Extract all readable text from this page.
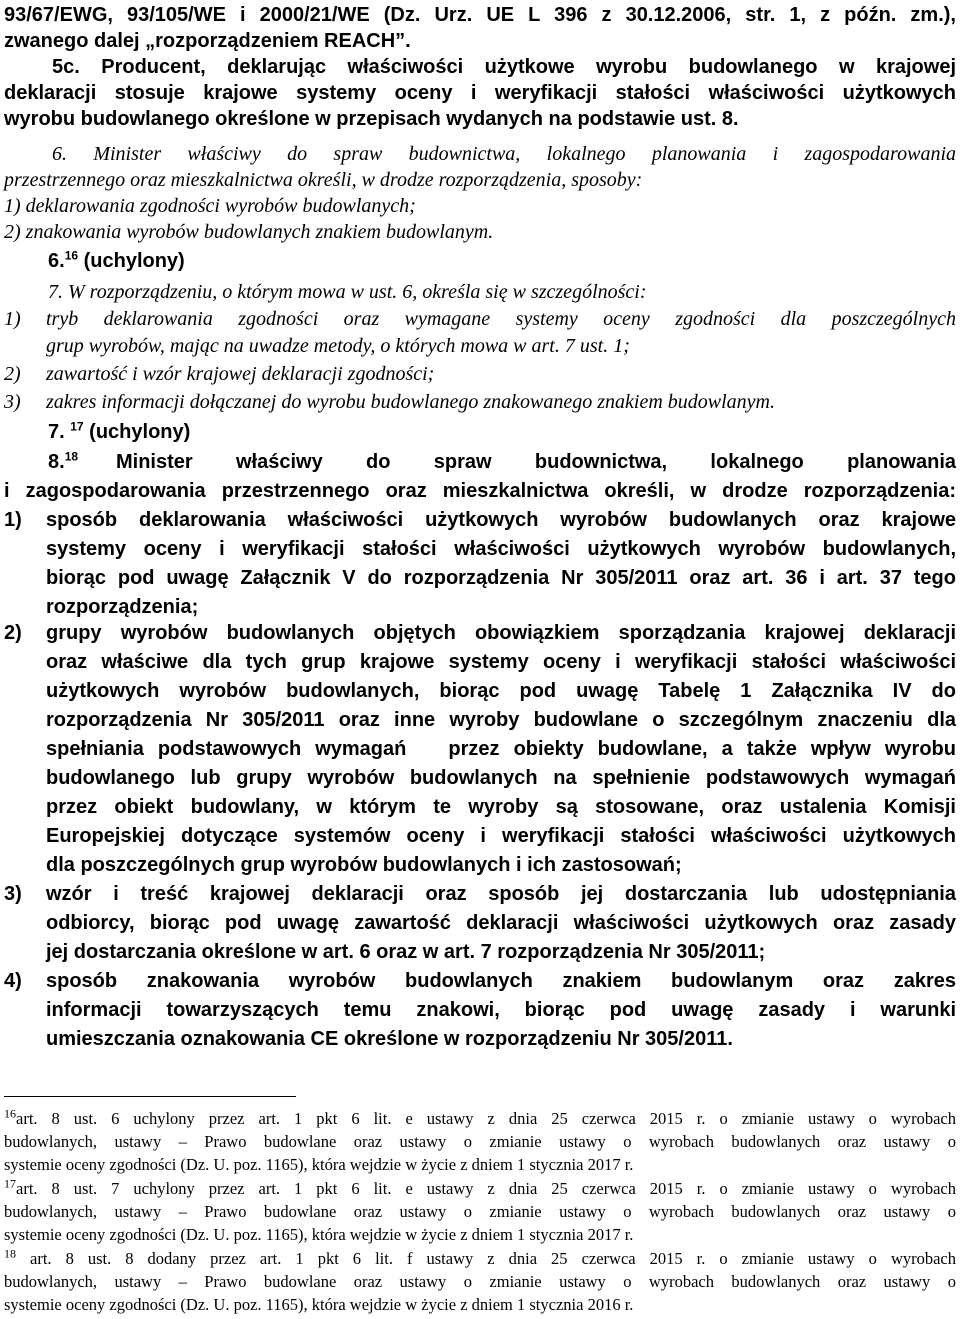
93/67/EWG, 93/105/WE i 2000/21/WE (Dz. Urz. UE L 396 z 30.12.2006, str. 1, z późn. zm.),
zwanego dalej „rozporządzeniem REACH”.
5c. Producent, deklarując właściwości użytkowe wyrobu budowlanego w krajowej
deklaracji stosuje krajowe systemy oceny i weryfikacji stałości właściwości użytkowych
wyrobu budowlanego określone w przepisach wydanych na podstawie ust. 8.
6. Minister właściwy do spraw budownictwa, lokalnego planowania i zagospodarowania
przestrzennego oraz mieszkalnictwa określi, w drodze rozporządzenia, sposoby:
1) deklarowania zgodności wyrobów budowlanych;
2) znakowania wyrobów budowlanych znakiem budowlanym.
6.16 (uchylony)
7. W rozporządzeniu, o którym mowa w ust. 6, określa się w szczególności:
1)	tryb deklarowania zgodności oraz wymagane systemy oceny zgodności dla poszczególnych
grup wyrobów, mając na uwadze metody, o których mowa w art. 7 ust. 1;
2)	zawartość i wzór krajowej deklaracji zgodności;
3)	zakres informacji dołączanej do wyrobu budowlanego znakowanego znakiem budowlanym.
7. $^{17}$ (uchylony)
8.18	Minister właściwy do spraw budownictwa, lokalnego planowania
i zagospodarowania przestrzennego oraz mieszkalnictwa określi, w drodze rozporządzenia:
1)	sposób deklarowania właściwości użytkowych wyrobów budowlanych oraz krajowe
systemy oceny i weryfikacji stałości właściwości użytkowych wyrobów budowlanych,
biorąc pod uwagę Załącznik V do rozporządzenia Nr 305/2011 oraz art. 36 i art. 37 tego
rozporządzenia;
2)	grupy wyrobów budowlanych objętych obowiązkiem sporządzania krajowej deklaracji
oraz właściwe dla tych grup krajowe systemy oceny i weryfikacji stałości właściwości
użytkowych wyrobów budowlanych, biorąc pod uwagę Tabelę 1 Załącznika IV do
rozporządzenia Nr 305/2011 oraz inne wyroby budowlane o szczególnym znaczeniu dla
spełniania podstawowych wymagań   przez obiekty budowlane, a także wpływ wyrobu
budowlanego lub grupy wyrobów budowlanych na spełnienie podstawowych wymagań
przez obiekt budowlany, w którym te wyroby są stosowane, oraz ustalenia Komisji
Europejskiej dotyczące systemów oceny i weryfikacji stałości właściwości użytkowych
dla poszczególnych grup wyrobów budowlanych i ich zastosowań;
3)	wzór i treść krajowej deklaracji oraz sposób jej dostarczania lub udostępniania
odbiorcy, biorąc pod uwagę zawartość deklaracji właściwości użytkowych oraz zasady
jej dostarczania określone w art. 6 oraz w art. 7 rozporządzenia Nr 305/2011;
4)	sposób znakowania wyrobów budowlanych znakiem budowlanym oraz zakres
informacji towarzyszących temu znakowi, biorąc pod uwagę zasady i warunki
umieszczania oznakowania CE określone w rozporządzeniu Nr 305/2011.
$^{16}$art. 8 ust. 6 uchylony przez art. 1 pkt 6 lit. e ustawy z dnia 25 czerwca 2015 r. o zmianie ustawy o wyrobach
budowlanych, ustawy – Prawo budowlane oraz ustawy o zmianie ustawy o wyrobach budowlanych oraz ustawy o
systemie oceny zgodności (Dz. U. poz. 1165), która wejdzie w życie z dniem 1 stycznia 2017 r.
$^{17}$art. 8 ust. 7 uchylony przez art. 1 pkt 6 lit. e ustawy z dnia 25 czerwca 2015 r. o zmianie ustawy o wyrobach
budowlanych, ustawy – Prawo budowlane oraz ustawy o zmianie ustawy o wyrobach budowlanych oraz ustawy o
systemie oceny zgodności (Dz. U. poz. 1165), która wejdzie w życie z dniem 1 stycznia 2017 r.
$^{18}$ art. 8 ust. 8 dodany przez art. 1 pkt 6 lit. f ustawy z dnia 25 czerwca 2015 r. o zmianie ustawy o wyrobach
budowlanych, ustawy – Prawo budowlane oraz ustawy o zmianie ustawy o wyrobach budowlanych oraz ustawy o
systemie oceny zgodności (Dz. U. poz. 1165), która wejdzie w życie z dniem 1 stycznia 2016 r.
